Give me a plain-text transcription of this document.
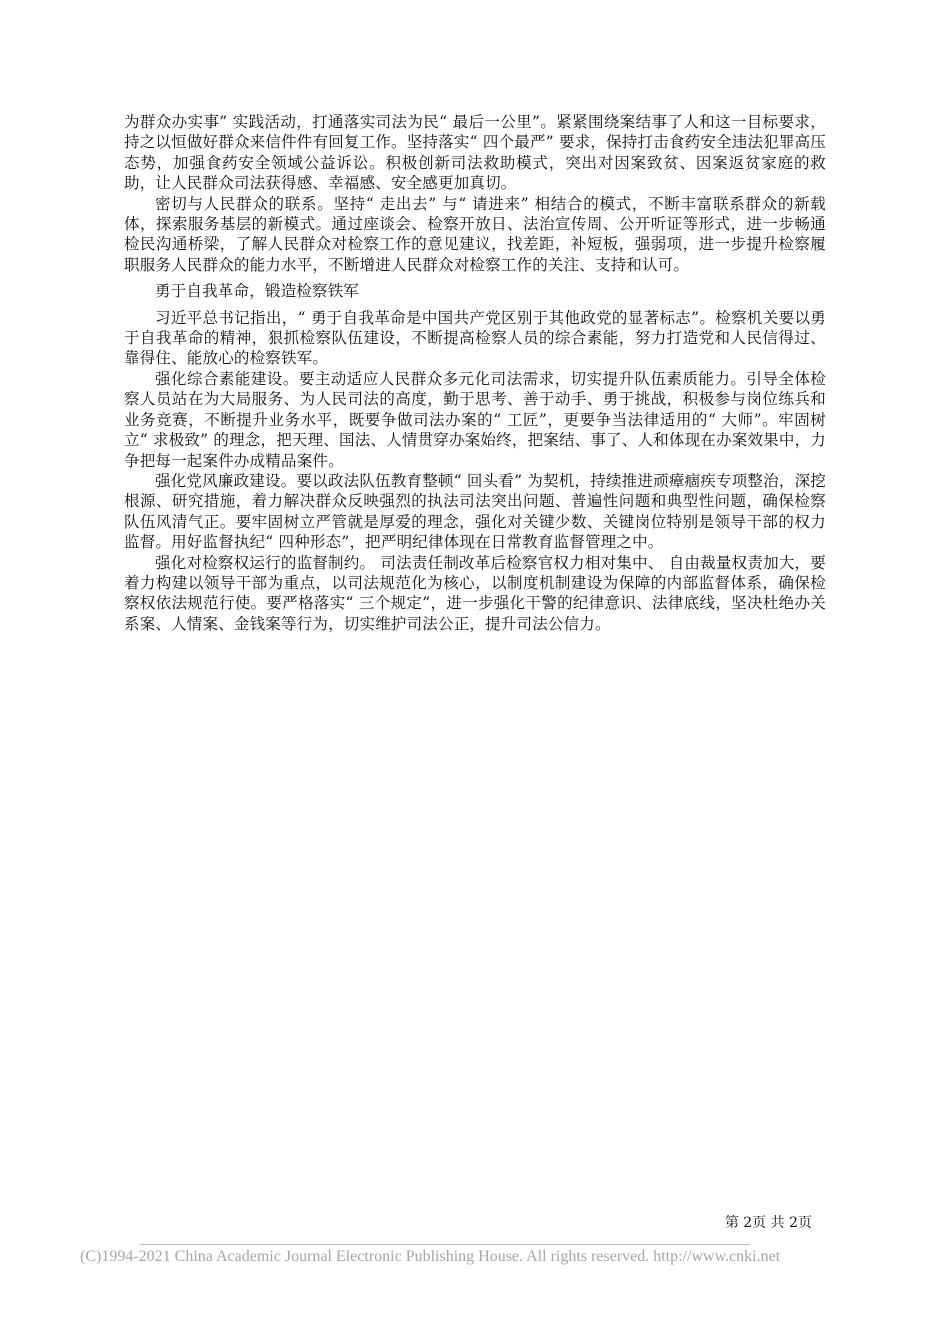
为群众办实事” 实践活动，打通落实司法为民“ 最后一公里”。紧紧围绕案结事了人和这一目标要求，持之以恒做好群众来信件件有回复工作。坚持落实“ 四个最严” 要求，保持打击食药安全违法犯罪高压态势，加强食药安全领域公益诉讼。积极创新司法救助模式，突出对因案致贫、因案返贫家庭的救助，让人民群众司法获得感、幸福感、安全感更加真切。

密切与人民群众的联系。坚持“ 走出去” 与“ 请进来” 相结合的模式，不断丰富联系群众的新载体，探索服务基层的新模式。通过座谈会、检察开放日、法治宣传周、公开听证等形式，进一步畅通检民沟通桥梁，了解人民群众对检察工作的意见建议，找差距，补短板，强弱项，进一步提升检察履职服务人民群众的能力水平，不断增进人民群众对检察工作的关注、支持和认可。

勇于自我革命，锻造检察铁军

习近平总书记指出，“ 勇于自我革命是中国共产党区别于其他政党的显著标志”。检察机关要以勇于自我革命的精神，狠抓检察队伍建设，不断提高检察人员的综合素能，努力打造党和人民信得过、靠得住、能放心的检察铁军。

强化综合素能建设。要主动适应人民群众多元化司法需求，切实提升队伍素质能力。引导全体检察人员站在为大局服务、为人民司法的高度，勤于思考、善于动手、勇于挑战，积极参与岗位练兵和业务竞赛，不断提升业务水平，既要争做司法办案的“ 工匠”，更要争当法律适用的“ 大师”。牢固树立“ 求极致” 的理念，把天理、国法、人情贯穿办案始终，把案结、事了、人和体现在办案效果中，力争把每一起案件办成精品案件。

强化党风廉政建设。要以政法队伍教育整顿“ 回头看” 为契机，持续推进顽瘴痼疾专项整治，深挖根源、研究措施，着力解决群众反映强烈的执法司法突出问题、普遍性问题和典型性问题，确保检察队伍风清气正。要牢固树立严管就是厚爱的理念，强化对关键少数、关键岗位特别是领导干部的权力监督。用好监督执纪“ 四种形态”，把严明纪律体现在日常教育监督管理之中。

强化对检察权运行的监督制约。 司法责任制改革后检察官权力相对集中、 自由裁量权责加大，要着力构建以领导干部为重点，以司法规范化为核心，以制度机制建设为保障的内部监督体系，确保检察权依法规范行使。要严格落实“ 三个规定”，进一步强化干警的纪律意识、法律底线，坚决杜绝办关系案、人情案、金钱案等行为，切实维护司法公正，提升司法公信力。

第 2页 共 2页
(C)1994-2021 China Academic Journal Electronic Publishing House. All rights reserved. http://www.cnki.net
